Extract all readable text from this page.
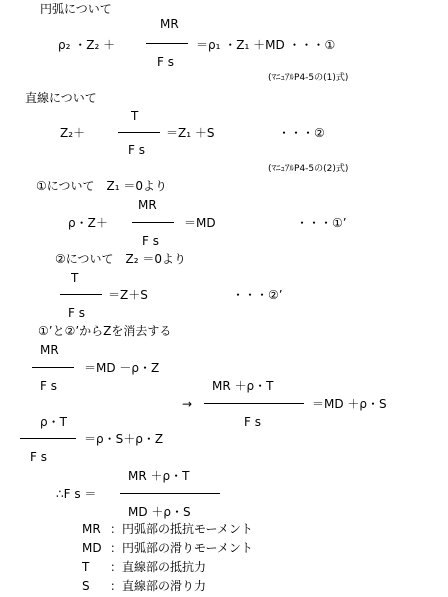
円弧について
ρ₂ ・Z₂ ＋
MR
F s
＝ρ₁ ・Z₁ ＋MD ・・・①
(ﾏﾆｭｱﾙP4-5の(1)式)
直線について
Z₂＋
T
F s
＝Z₁ ＋S	・・・②
(ﾏﾆｭｱﾙP4-5の(2)式)
①について　Z₁ ＝0より
ρ・Z＋
MR
F s
＝MD	・・・①’
②について　Z₂ ＝0より
T
F s
＝Z＋S	・・・②’
①’と②’からZを消去する
MR
F s
＝MD －ρ・Z
→
MR ＋ρ・T
F s
＝MD ＋ρ・S
ρ・T
F s
＝ρ・S＋ρ・Z
∴F s ＝
MR ＋ρ・T
MD ＋ρ・S
MR ：円弧部の抵抗モーメント
MD ：円弧部の滑りモーメント
T ：直線部の抵抗力
S ：直線部の滑り力
